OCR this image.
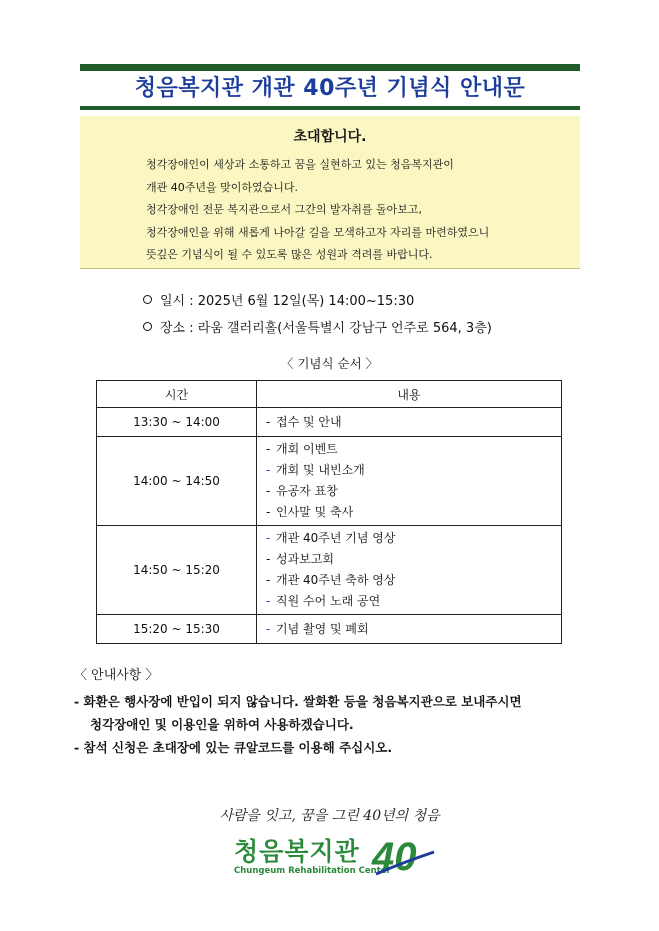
청음복지관 개관 40주년 기념식 안내문
초대합니다.
청각장애인이 세상과 소통하고 꿈을 실현하고 있는 청음복지관이
개관 40주년을 맞이하였습니다.
청각장애인 전문 복지관으로서 그간의 발자취를 돌아보고,
청각장애인을 위해 새롭게 나아갈 길을 모색하고자 자리를 마련하였으니
뜻깊은 기념식이 될 수 있도록 많은 성원과 격려를 바랍니다.
일시 : 2025년 6월 12일(목) 14:00~15:30
장소 : 라움 갤러리홀(서울특별시 강남구 언주로 564, 3층)
〈 기념식 순서 〉
시간	내용
13:30 ~ 14:00	- 접수 및 안내

14:00 ~ 14:50	- 개회 이벤트
- 개회 및 내빈소개
- 유공자 표창
- 인사말 및 축사

14:50 ~ 15:20	- 개관 40주년 기념 영상
- 성과보고회
- 개관 40주년 축하 영상
- 직원 수어 노래 공연

15:20 ~ 15:30	- 기념 촬영 및 폐회
〈 안내사항 〉
- 화환은 행사장에 반입이 되지 않습니다. 쌀화환 등을 청음복지관으로 보내주시면
청각장애인 및 이용인을 위하여 사용하겠습니다.
- 참석 신청은 초대장에 있는 큐알코드를 이용해 주십시오.
사람을 잇고, 꿈을 그린 40년의 청음
청음복지관
Chungeum Rehabilitation Center
40
